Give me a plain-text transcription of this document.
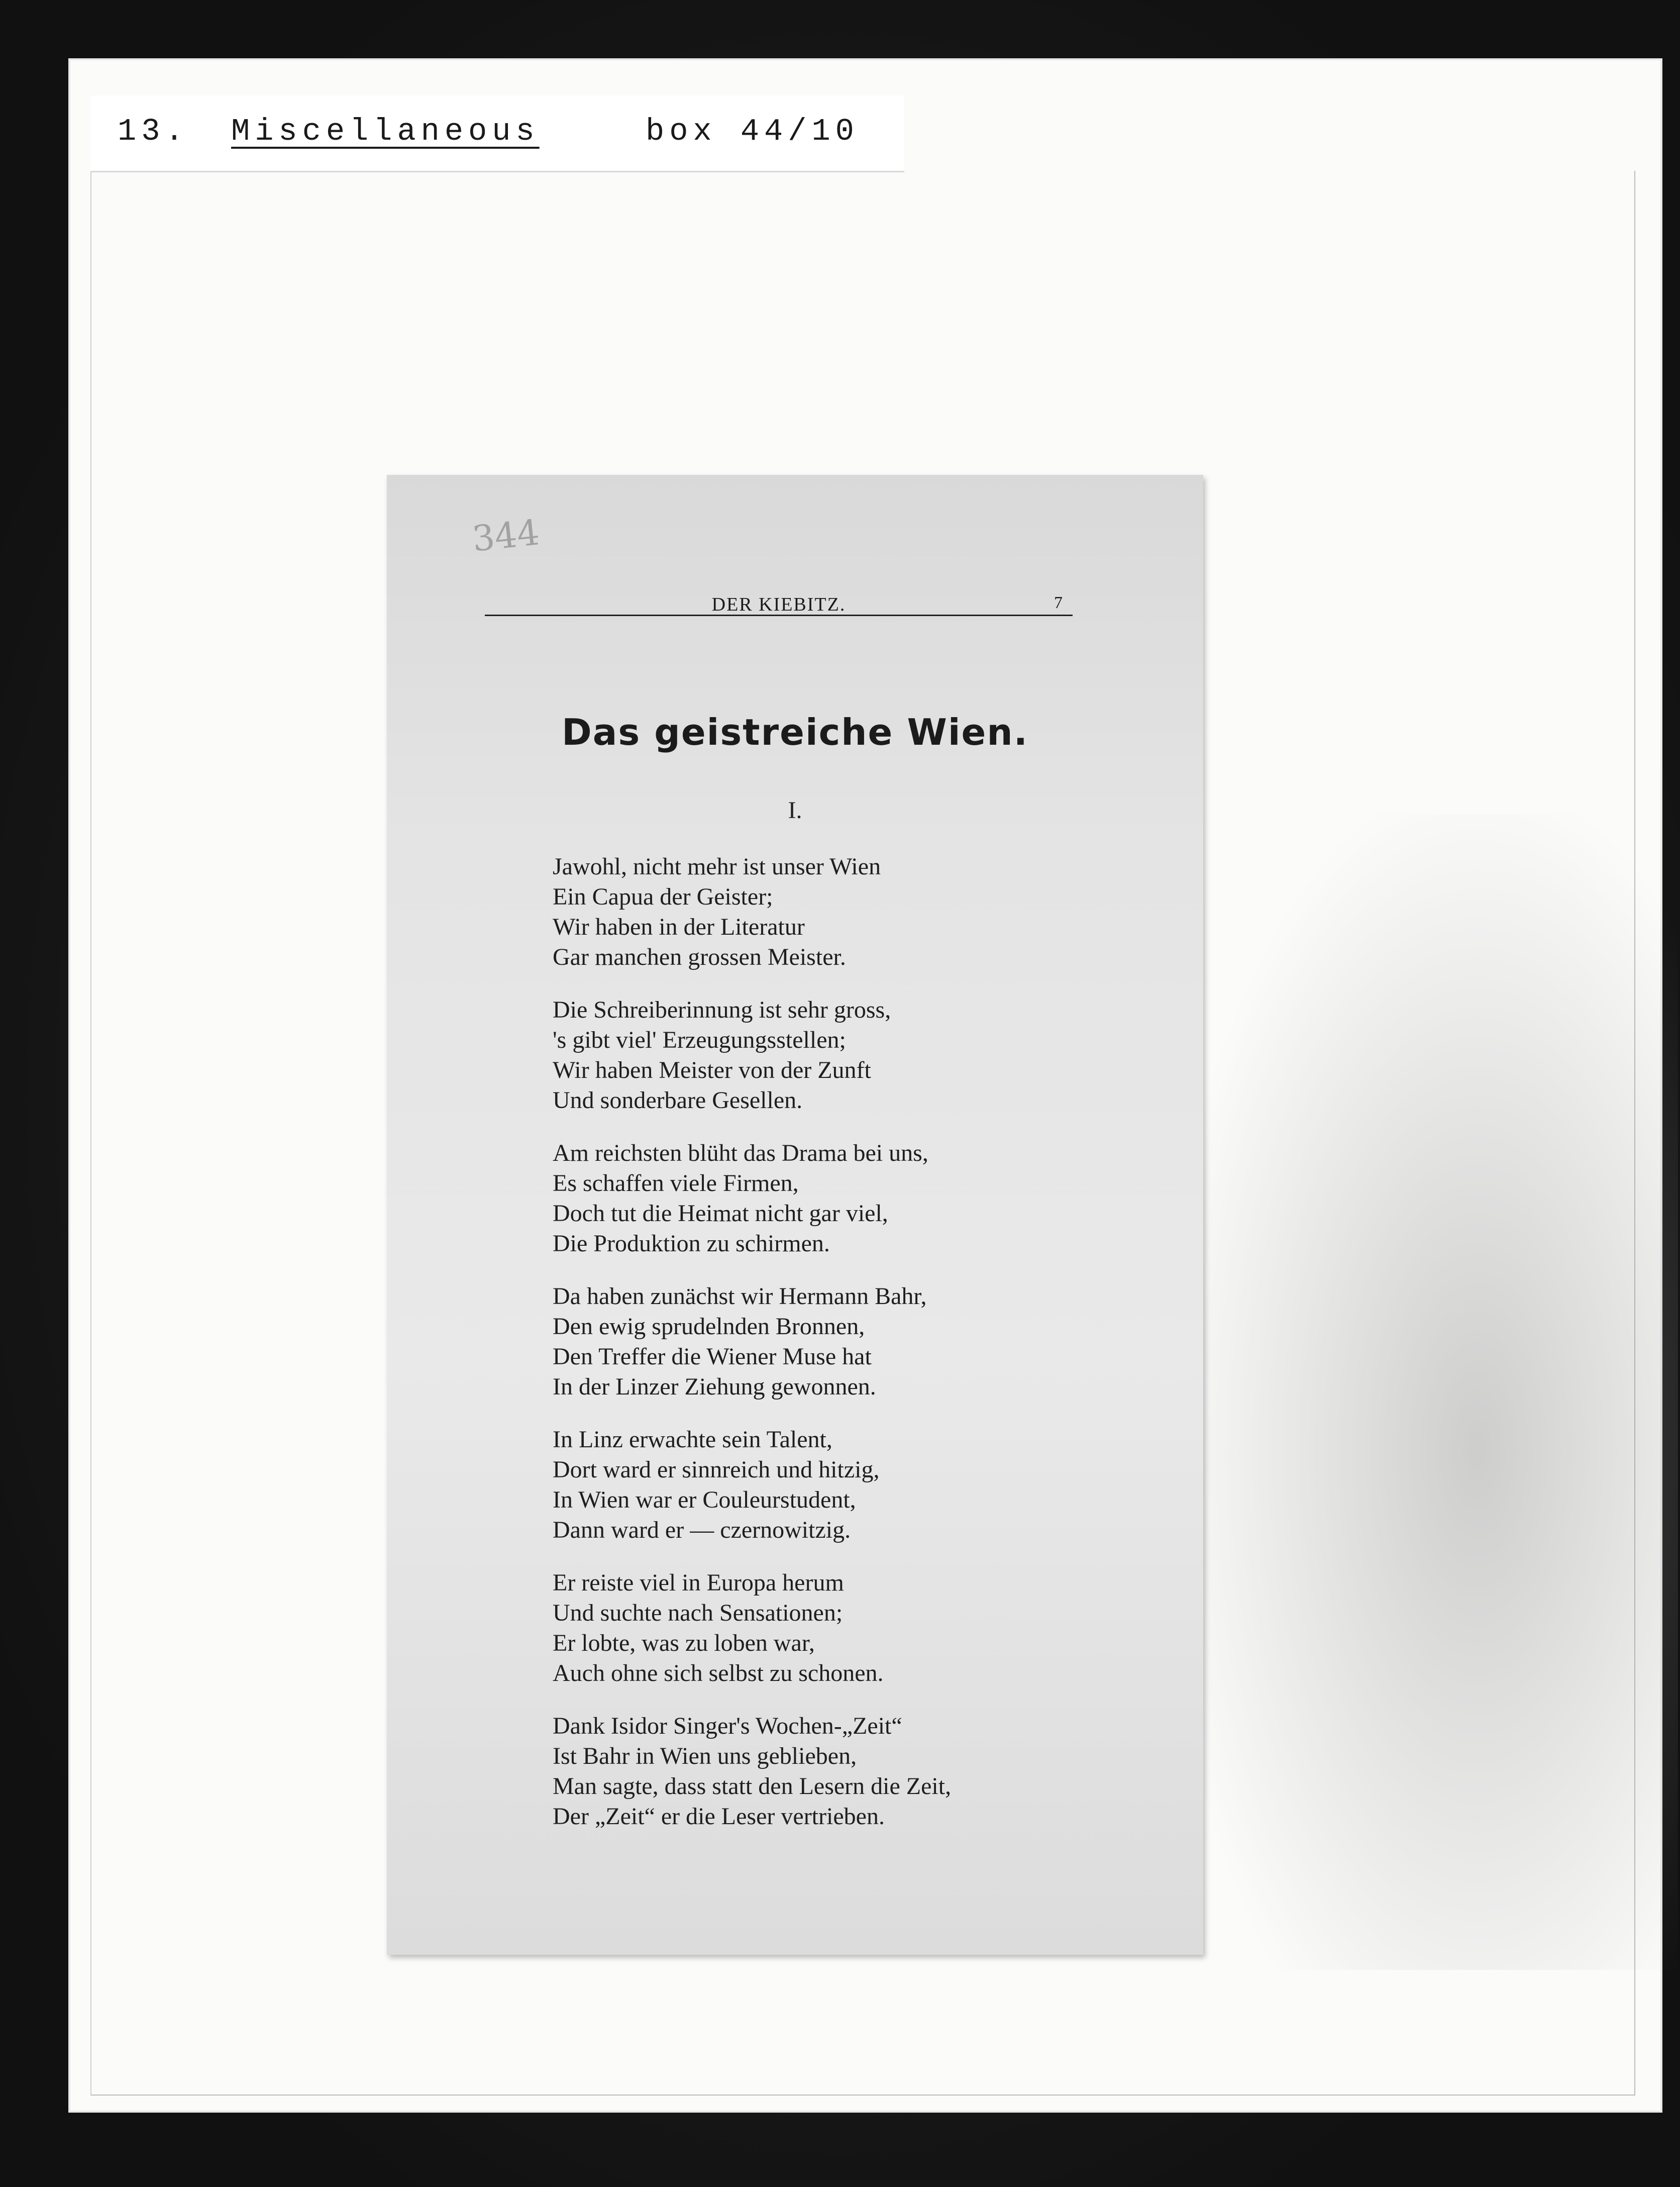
13. Miscellaneous	box 44/10
344
DER KIEBITZ.	7
Das geistreiche Wien.
I.
Jawohl, nicht mehr ist unser Wien
Ein Capua der Geister;
Wir haben in der Literatur
Gar manchen grossen Meister.
Die Schreiberinnung ist sehr gross,
's gibt viel' Erzeugungsstellen;
Wir haben Meister von der Zunft
Und sonderbare Gesellen.
Am reichsten blüht das Drama bei uns,
Es schaffen viele Firmen,
Doch tut die Heimat nicht gar viel,
Die Produktion zu schirmen.
Da haben zunächst wir Hermann Bahr,
Den ewig sprudelnden Bronnen,
Den Treffer die Wiener Muse hat
In der Linzer Ziehung gewonnen.
In Linz erwachte sein Talent,
Dort ward er sinnreich und hitzig,
In Wien war er Couleurstudent,
Dann ward er — czernowitzig.
Er reiste viel in Europa herum
Und suchte nach Sensationen;
Er lobte, was zu loben war,
Auch ohne sich selbst zu schonen.
Dank Isidor Singer's Wochen-„Zeit“
Ist Bahr in Wien uns geblieben,
Man sagte, dass statt den Lesern die Zeit,
Der „Zeit“ er die Leser vertrieben.
